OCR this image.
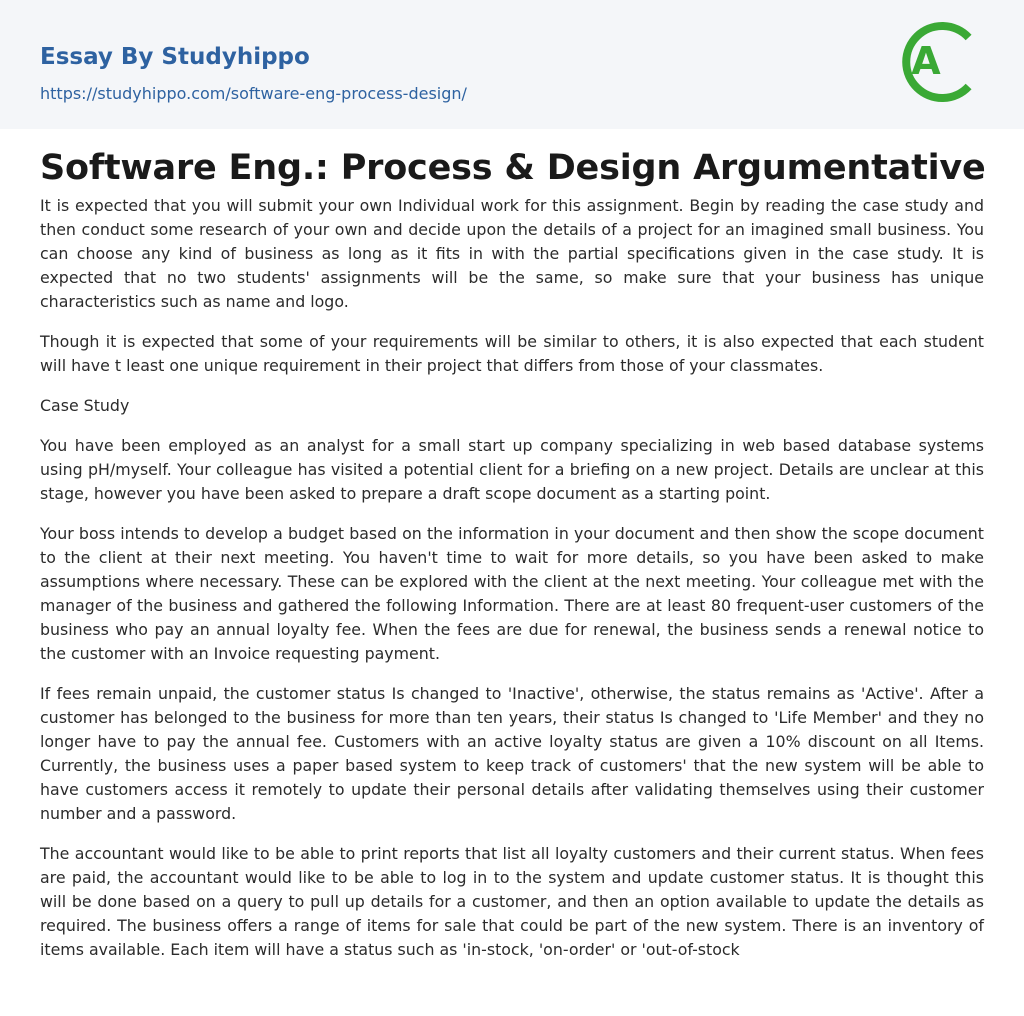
Essay By Studyhippo
https://studyhippo.com/software-eng-process-design/
A
Software Eng.: Process & Design Argumentative

It is expected that you will submit your own Individual work for this assignment. Begin by reading the case study and then conduct some research of your own and decide upon the details of a project for an imagined small business. You can choose any kind of business as long as it fits in with the partial specifications given in the case study. It is expected that no two students' assignments will be the same, so make sure that your business has unique characteristics such as name and logo.

Though it is expected that some of your requirements will be similar to others, it is also expected that each student will have t least one unique requirement in their project that differs from those of your classmates.

Case Study

You have been employed as an analyst for a small start up company specializing in web based database systems using pH/myself. Your colleague has visited a potential client for a briefing on a new project. Details are unclear at this stage, however you have been asked to prepare a draft scope document as a starting point.

Your boss intends to develop a budget based on the information in your document and then show the scope document to the client at their next meeting. You haven't time to wait for more details, so you have been asked to make assumptions where necessary. These can be explored with the client at the next meeting. Your colleague met with the manager of the business and gathered the following Information. There are at least 80 frequent-user customers of the business who pay an annual loyalty fee. When the fees are due for renewal, the business sends a renewal notice to the customer with an Invoice requesting payment.

If fees remain unpaid, the customer status Is changed to 'Inactive', otherwise, the status remains as 'Active'. After a customer has belonged to the business for more than ten years, their status Is changed to 'Life Member' and they no longer have to pay the annual fee. Customers with an active loyalty status are given a 10% discount on all Items. Currently, the business uses a paper based system to keep track of customers' that the new system will be able to have customers access it remotely to update their personal details after validating themselves using their customer number and a password.

The accountant would like to be able to print reports that list all loyalty customers and their current status. When fees are paid, the accountant would like to be able to log in to the system and update customer status. It is thought this will be done based on a query to pull up details for a customer, and then an option available to update the details as required. The business offers a range of items for sale that could be part of the new system. There is an inventory of items available. Each item will have a status such as 'in-stock, 'on-order' or 'out-of-stock
